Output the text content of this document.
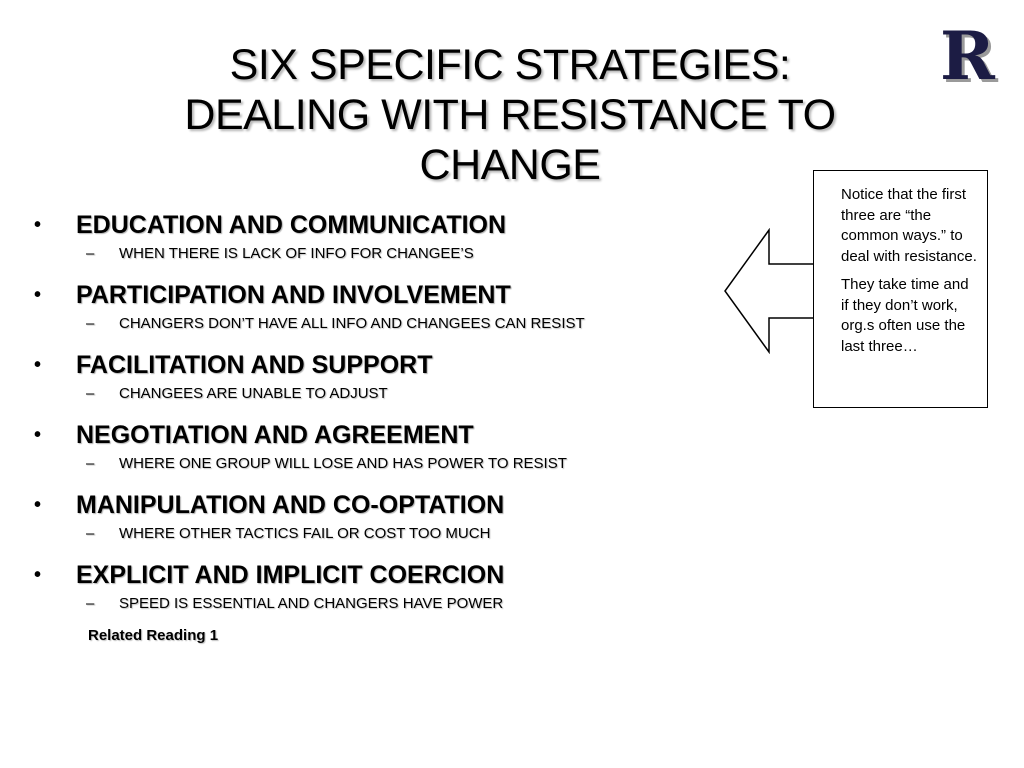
SIX SPECIFIC STRATEGIES:
DEALING WITH RESISTANCE TO
CHANGE
R
•	EDUCATION AND COMMUNICATION
–	WHEN THERE IS LACK OF INFO FOR CHANGEE’S
•	PARTICIPATION AND INVOLVEMENT
–	CHANGERS DON’T HAVE ALL INFO AND CHANGEES CAN RESIST
•	FACILITATION AND SUPPORT
–	CHANGEES ARE UNABLE TO ADJUST
•	NEGOTIATION AND AGREEMENT
–	WHERE ONE GROUP WILL LOSE AND HAS POWER TO RESIST
•	MANIPULATION AND CO-OPTATION
–	WHERE OTHER TACTICS FAIL OR COST TOO MUCH
•	EXPLICIT AND IMPLICIT COERCION
–	SPEED IS ESSENTIAL AND CHANGERS HAVE POWER
Related Reading 1

Notice that the first three are “the common ways.” to deal with resistance.

They take time and if they don’t work, org.s often use the last three…
